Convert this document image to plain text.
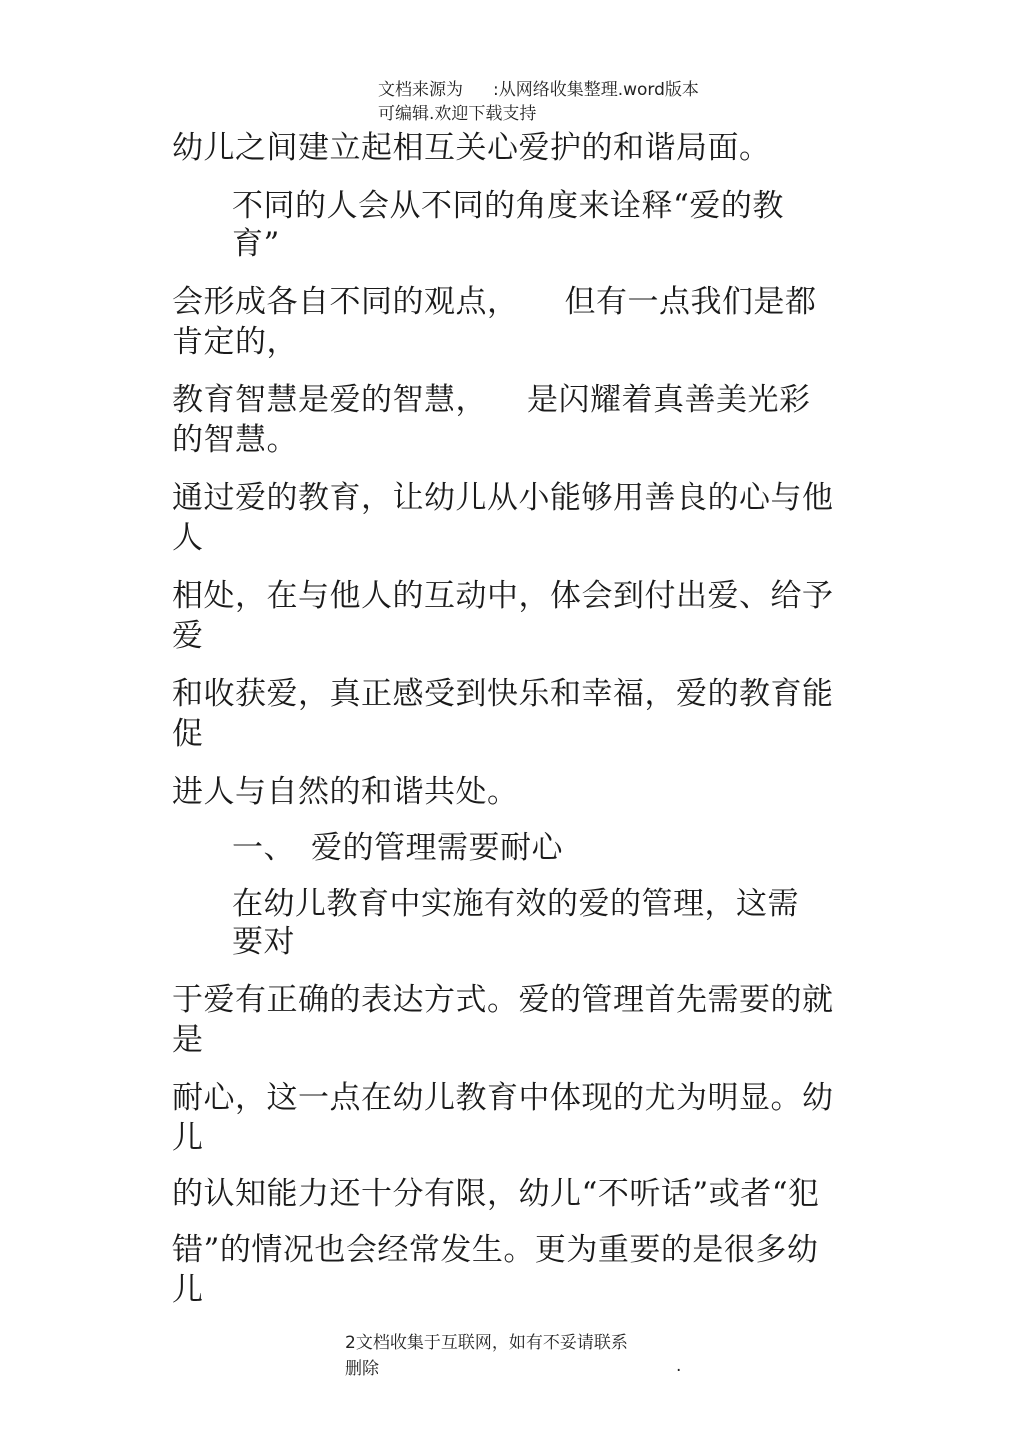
文档来源为 :从网络收集整理.word版本
可编辑.欢迎下载支持
幼儿之间建立起相互关心爱护的和谐局面。
不同的人会从不同的角度来诠释“爱的教
育”
会形成各自不同的观点， 但有一点我们是都
肯定的，
教育智慧是爱的智慧， 是闪耀着真善美光彩
的智慧。
通过爱的教育，让幼儿从小能够用善良的心与他
人
相处，在与他人的互动中，体会到付出爱、给予
爱
和收获爱，真正感受到快乐和幸福，爱的教育能
促
进人与自然的和谐共处。
一、 爱的管理需要耐心
在幼儿教育中实施有效的爱的管理，这需
要对
于爱有正确的表达方式。爱的管理首先需要的就
是
耐心，这一点在幼儿教育中体现的尤为明显。幼
儿
的认知能力还十分有限，幼儿“不听话”或者“犯
错”的情况也会经常发生。更为重要的是很多幼
儿
2文档收集于互联网，如有不妥请联系
删除	.
